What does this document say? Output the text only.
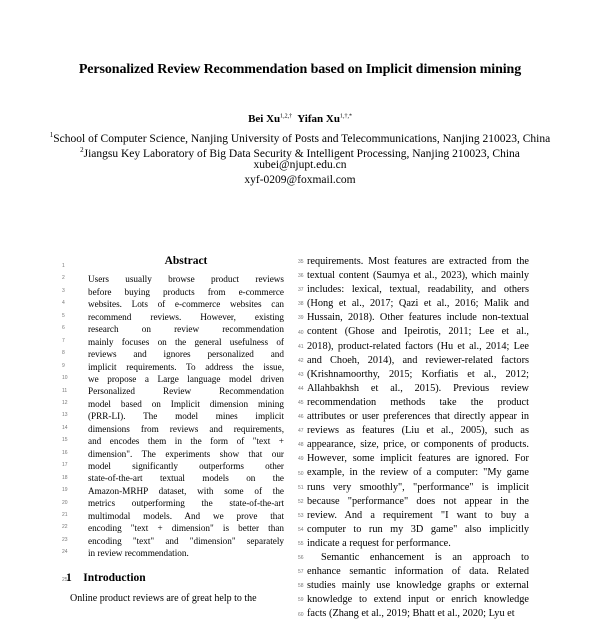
Personalized Review Recommendation based on Implicit dimension mining
Bei $Xu^{1,2,\dagger}$ Yifan $Xu^{1,\dagger,*}$
$^1$School of Computer Science, Nanjing University of Posts and Telecommunications, Nanjing 210023, China
$^2$Jiangsu Key Laboratory of Big Data Security & Intelligent Processing, Nanjing 210023, China
xubei@njupt.edu.cn
xyf-0209@foxmail.com
Abstract
Users usually browse product reviews
before buying products from e-commerce
websites. Lots of e-commerce websites can
recommend reviews. However, existing
research on review recommendation
mainly focuses on the general usefulness of
reviews and ignores personalized and
implicit requirements. To address the issue,
we propose a Large language model driven
Personalized Review Recommendation
model based on Implicit dimension mining
(PRR-LI). The model mines implicit
dimensions from reviews and requirements,
and encodes them in the form of "text +
dimension". The experiments show that our
model significantly outperforms other
state-of-the-art textual models on the
Amazon-MRHP dataset, with some of the
metrics outperforming the state-of-the-art
multimodal models. And we prove that
encoding "text + dimension" is better than
encoding "text" and "dimension" separately
in review recommendation.
1 Introduction
Online product reviews are of great help to the
requirements. Most features are extracted from the
textual content (Saumya et al., 2023), which mainly
includes: lexical, textual, readability, and others
(Hong et al., 2017; Qazi et al., 2016; Malik and
Hussain, 2018). Other features include non-textual
content (Ghose and Ipeirotis, 2011; Lee et al.,
2018), product-related factors (Hu et al., 2014; Lee
and Choeh, 2014), and reviewer-related factors
(Krishnamoorthy, 2015; Korfiatis et al., 2012;
Allahbakhsh et al., 2015). Previous review
recommendation methods take the product
attributes or user preferences that directly appear in
reviews as features (Liu et al., 2005), such as
appearance, size, price, or components of products.
However, some implicit features are ignored. For
example, in the review of a computer: "My game
runs very smoothly", "performance" is implicit
because "performance" does not appear in the
review. And a requirement "I want to buy a
computer to run my 3D game" also implicitly
indicate a request for performance.
Semantic enhancement is an approach to
enhance semantic information of data. Related
studies mainly use knowledge graphs or external
knowledge to extend input or enrich knowledge
facts (Zhang et al., 2019; Bhatt et al., 2020; Lyu et
1
2
3
4
5
6
7
8
9
10
11
12
13
14
15
16
17
18
19
20
21
22
23
24
25
35
36
37
38
39
40
41
42
43
44
45
46
47
48
49
50
51
52
53
54
55
56
57
58
59
60
